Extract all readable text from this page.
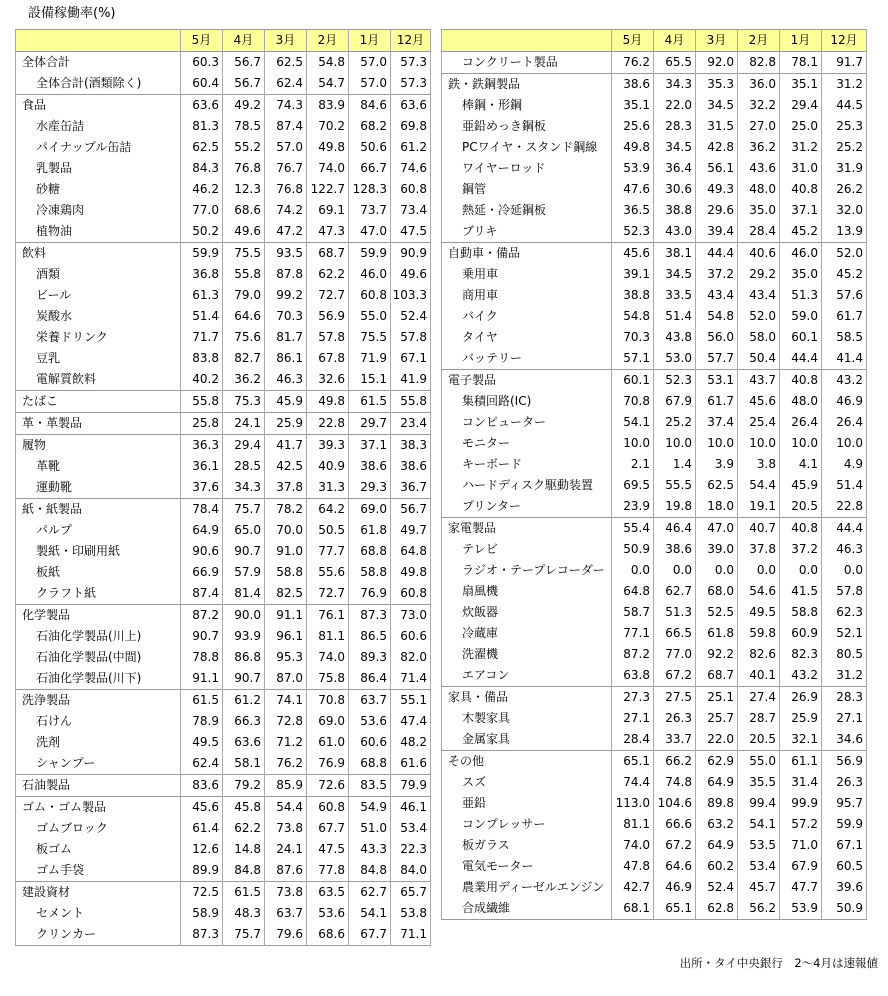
設備稼働率(%)
	5月	4月	3月	2月	1月	12月
全体合計	60.3	56.7	62.5	54.8	57.0	57.3
全体合計(酒類除く)	60.4	56.7	62.4	54.7	57.0	57.3
食品	63.6	49.2	74.3	83.9	84.6	63.6
水産缶詰	81.3	78.5	87.4	70.2	68.2	69.8
パイナップル缶詰	62.5	55.2	57.0	49.8	50.6	61.2
乳製品	84.3	76.8	76.7	74.0	66.7	74.6
砂糖	46.2	12.3	76.8	122.7	128.3	60.8
冷凍鶏肉	77.0	68.6	74.2	69.1	73.7	73.4
植物油	50.2	49.6	47.2	47.3	47.0	47.5
飲料	59.9	75.5	93.5	68.7	59.9	90.9
酒類	36.8	55.8	87.8	62.2	46.0	49.6
ビール	61.3	79.0	99.2	72.7	60.8	103.3
炭酸水	51.4	64.6	70.3	56.9	55.0	52.4
栄養ドリンク	71.7	75.6	81.7	57.8	75.5	57.8
豆乳	83.8	82.7	86.1	67.8	71.9	67.1
電解質飲料	40.2	36.2	46.3	32.6	15.1	41.9
たばこ	55.8	75.3	45.9	49.8	61.5	55.8
革・革製品	25.8	24.1	25.9	22.8	29.7	23.4
履物	36.3	29.4	41.7	39.3	37.1	38.3
革靴	36.1	28.5	42.5	40.9	38.6	38.6
運動靴	37.6	34.3	37.8	31.3	29.3	36.7
紙・紙製品	78.4	75.7	78.2	64.2	69.0	56.7
パルプ	64.9	65.0	70.0	50.5	61.8	49.7
製紙・印刷用紙	90.6	90.7	91.0	77.7	68.8	64.8
板紙	66.9	57.9	58.8	55.6	58.8	49.8
クラフト紙	87.4	81.4	82.5	72.7	76.9	60.8
化学製品	87.2	90.0	91.1	76.1	87.3	73.0
石油化学製品(川上)	90.7	93.9	96.1	81.1	86.5	60.6
石油化学製品(中間)	78.8	86.8	95.3	74.0	89.3	82.0
石油化学製品(川下)	91.1	90.7	87.0	75.8	86.4	71.4
洗浄製品	61.5	61.2	74.1	70.8	63.7	55.1
石けん	78.9	66.3	72.8	69.0	53.6	47.4
洗剤	49.5	63.6	71.2	61.0	60.6	48.2
シャンプー	62.4	58.1	76.2	76.9	68.8	61.6
石油製品	83.6	79.2	85.9	72.6	83.5	79.9
ゴム・ゴム製品	45.6	45.8	54.4	60.8	54.9	46.1
ゴムブロック	61.4	62.2	73.8	67.7	51.0	53.4
板ゴム	12.6	14.8	24.1	47.5	43.3	22.3
ゴム手袋	89.9	84.8	87.6	77.8	84.8	84.0
建設資材	72.5	61.5	73.8	63.5	62.7	65.7
セメント	58.9	48.3	63.7	53.6	54.1	53.8
クリンカー	87.3	75.7	79.6	68.6	67.7	71.1
	5月	4月	3月	2月	1月	12月
コンクリート製品	76.2	65.5	92.0	82.8	78.1	91.7
鉄・鉄鋼製品	38.6	34.3	35.3	36.0	35.1	31.2
棒鋼・形鋼	35.1	22.0	34.5	32.2	29.4	44.5
亜鉛めっき鋼板	25.6	28.3	31.5	27.0	25.0	25.3
PCワイヤ・スタンド鋼線	49.8	34.5	42.8	36.2	31.2	25.2
ワイヤーロッド	53.9	36.4	56.1	43.6	31.0	31.9
鋼管	47.6	30.6	49.3	48.0	40.8	26.2
熱延・冷延鋼板	36.5	38.8	29.6	35.0	37.1	32.0
ブリキ	52.3	43.0	39.4	28.4	45.2	13.9
自動車・備品	45.6	38.1	44.4	40.6	46.0	52.0
乗用車	39.1	34.5	37.2	29.2	35.0	45.2
商用車	38.8	33.5	43.4	43.4	51.3	57.6
バイク	54.8	51.4	54.8	52.0	59.0	61.7
タイヤ	70.3	43.8	56.0	58.0	60.1	58.5
バッテリー	57.1	53.0	57.7	50.4	44.4	41.4
電子製品	60.1	52.3	53.1	43.7	40.8	43.2
集積回路(IC)	70.8	67.9	61.7	45.6	48.0	46.9
コンピューター	54.1	25.2	37.4	25.4	26.4	26.4
モニター	10.0	10.0	10.0	10.0	10.0	10.0
キーボード	2.1	1.4	3.9	3.8	4.1	4.9
ハードディスク駆動装置	69.5	55.5	62.5	54.4	45.9	51.4
プリンター	23.9	19.8	18.0	19.1	20.5	22.8
家電製品	55.4	46.4	47.0	40.7	40.8	44.4
テレビ	50.9	38.6	39.0	37.8	37.2	46.3
ラジオ・テープレコーダー	0.0	0.0	0.0	0.0	0.0	0.0
扇風機	64.8	62.7	68.0	54.6	41.5	57.8
炊飯器	58.7	51.3	52.5	49.5	58.8	62.3
冷蔵庫	77.1	66.5	61.8	59.8	60.9	52.1
洗濯機	87.2	77.0	92.2	82.6	82.3	80.5
エアコン	63.8	67.2	68.7	40.1	43.2	31.2
家具・備品	27.3	27.5	25.1	27.4	26.9	28.3
木製家具	27.1	26.3	25.7	28.7	25.9	27.1
金属家具	28.4	33.7	22.0	20.5	32.1	34.6
その他	65.1	66.2	62.9	55.0	61.1	56.9
スズ	74.4	74.8	64.9	35.5	31.4	26.3
亜鉛	113.0	104.6	89.8	99.4	99.9	95.7
コンプレッサー	81.1	66.6	63.2	54.1	57.2	59.9
板ガラス	74.0	67.2	64.9	53.5	71.0	67.1
電気モーター	47.8	64.6	60.2	53.4	67.9	60.5
農業用ディーゼルエンジン	42.7	46.9	52.4	45.7	47.7	39.6
合成繊維	68.1	65.1	62.8	56.2	53.9	50.9
出所・タイ中央銀行　2～4月は速報値
